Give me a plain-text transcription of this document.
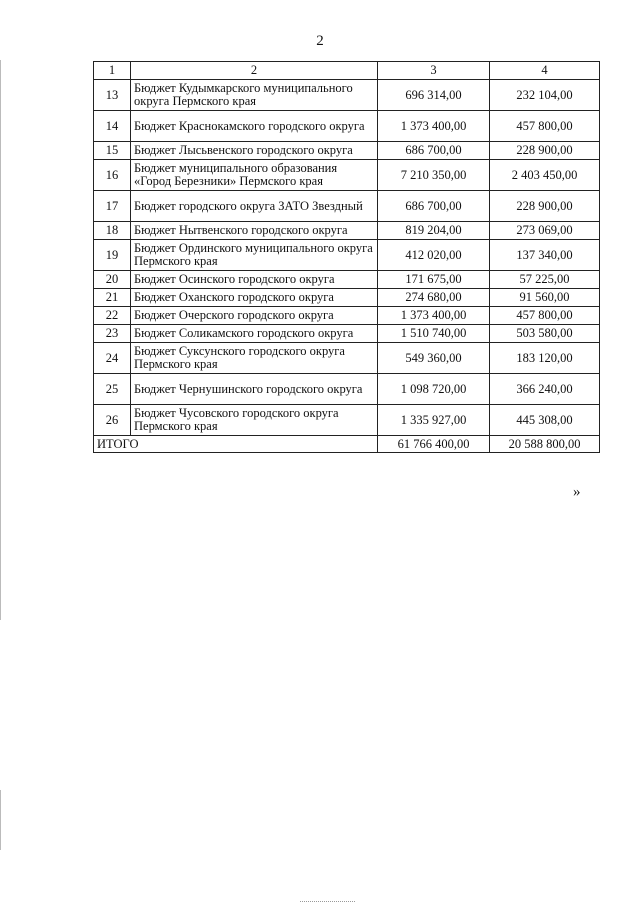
2
1	2	3	4
13	Бюджет Кудымкарского муниципального округа Пермского края	696 314,00	232 104,00
14	Бюджет Краснокамского городского округа	1 373 400,00	457 800,00
15	Бюджет Лысьвенского городского округа	686 700,00	228 900,00
16	Бюджет муниципального образования «Город Березники» Пермского края	7 210 350,00	2 403 450,00
17	Бюджет городского округа ЗАТО Звездный	686 700,00	228 900,00
18	Бюджет Нытвенского городского округа	819 204,00	273 069,00
19	Бюджет Ординского муниципального округа Пермского края	412 020,00	137 340,00
20	Бюджет Осинского городского округа	171 675,00	57 225,00
21	Бюджет Оханского городского округа	274 680,00	91 560,00
22	Бюджет Очерского городского округа	1 373 400,00	457 800,00
23	Бюджет Соликамского городского округа	1 510 740,00	503 580,00
24	Бюджет Суксунского городского округа Пермского края	549 360,00	183 120,00
25	Бюджет Чернушинского городского округа	1 098 720,00	366 240,00
26	Бюджет Чусовского городского округа Пермского края	1 335 927,00	445 308,00
ИТОГО		61 766 400,00	20 588 800,00
»
